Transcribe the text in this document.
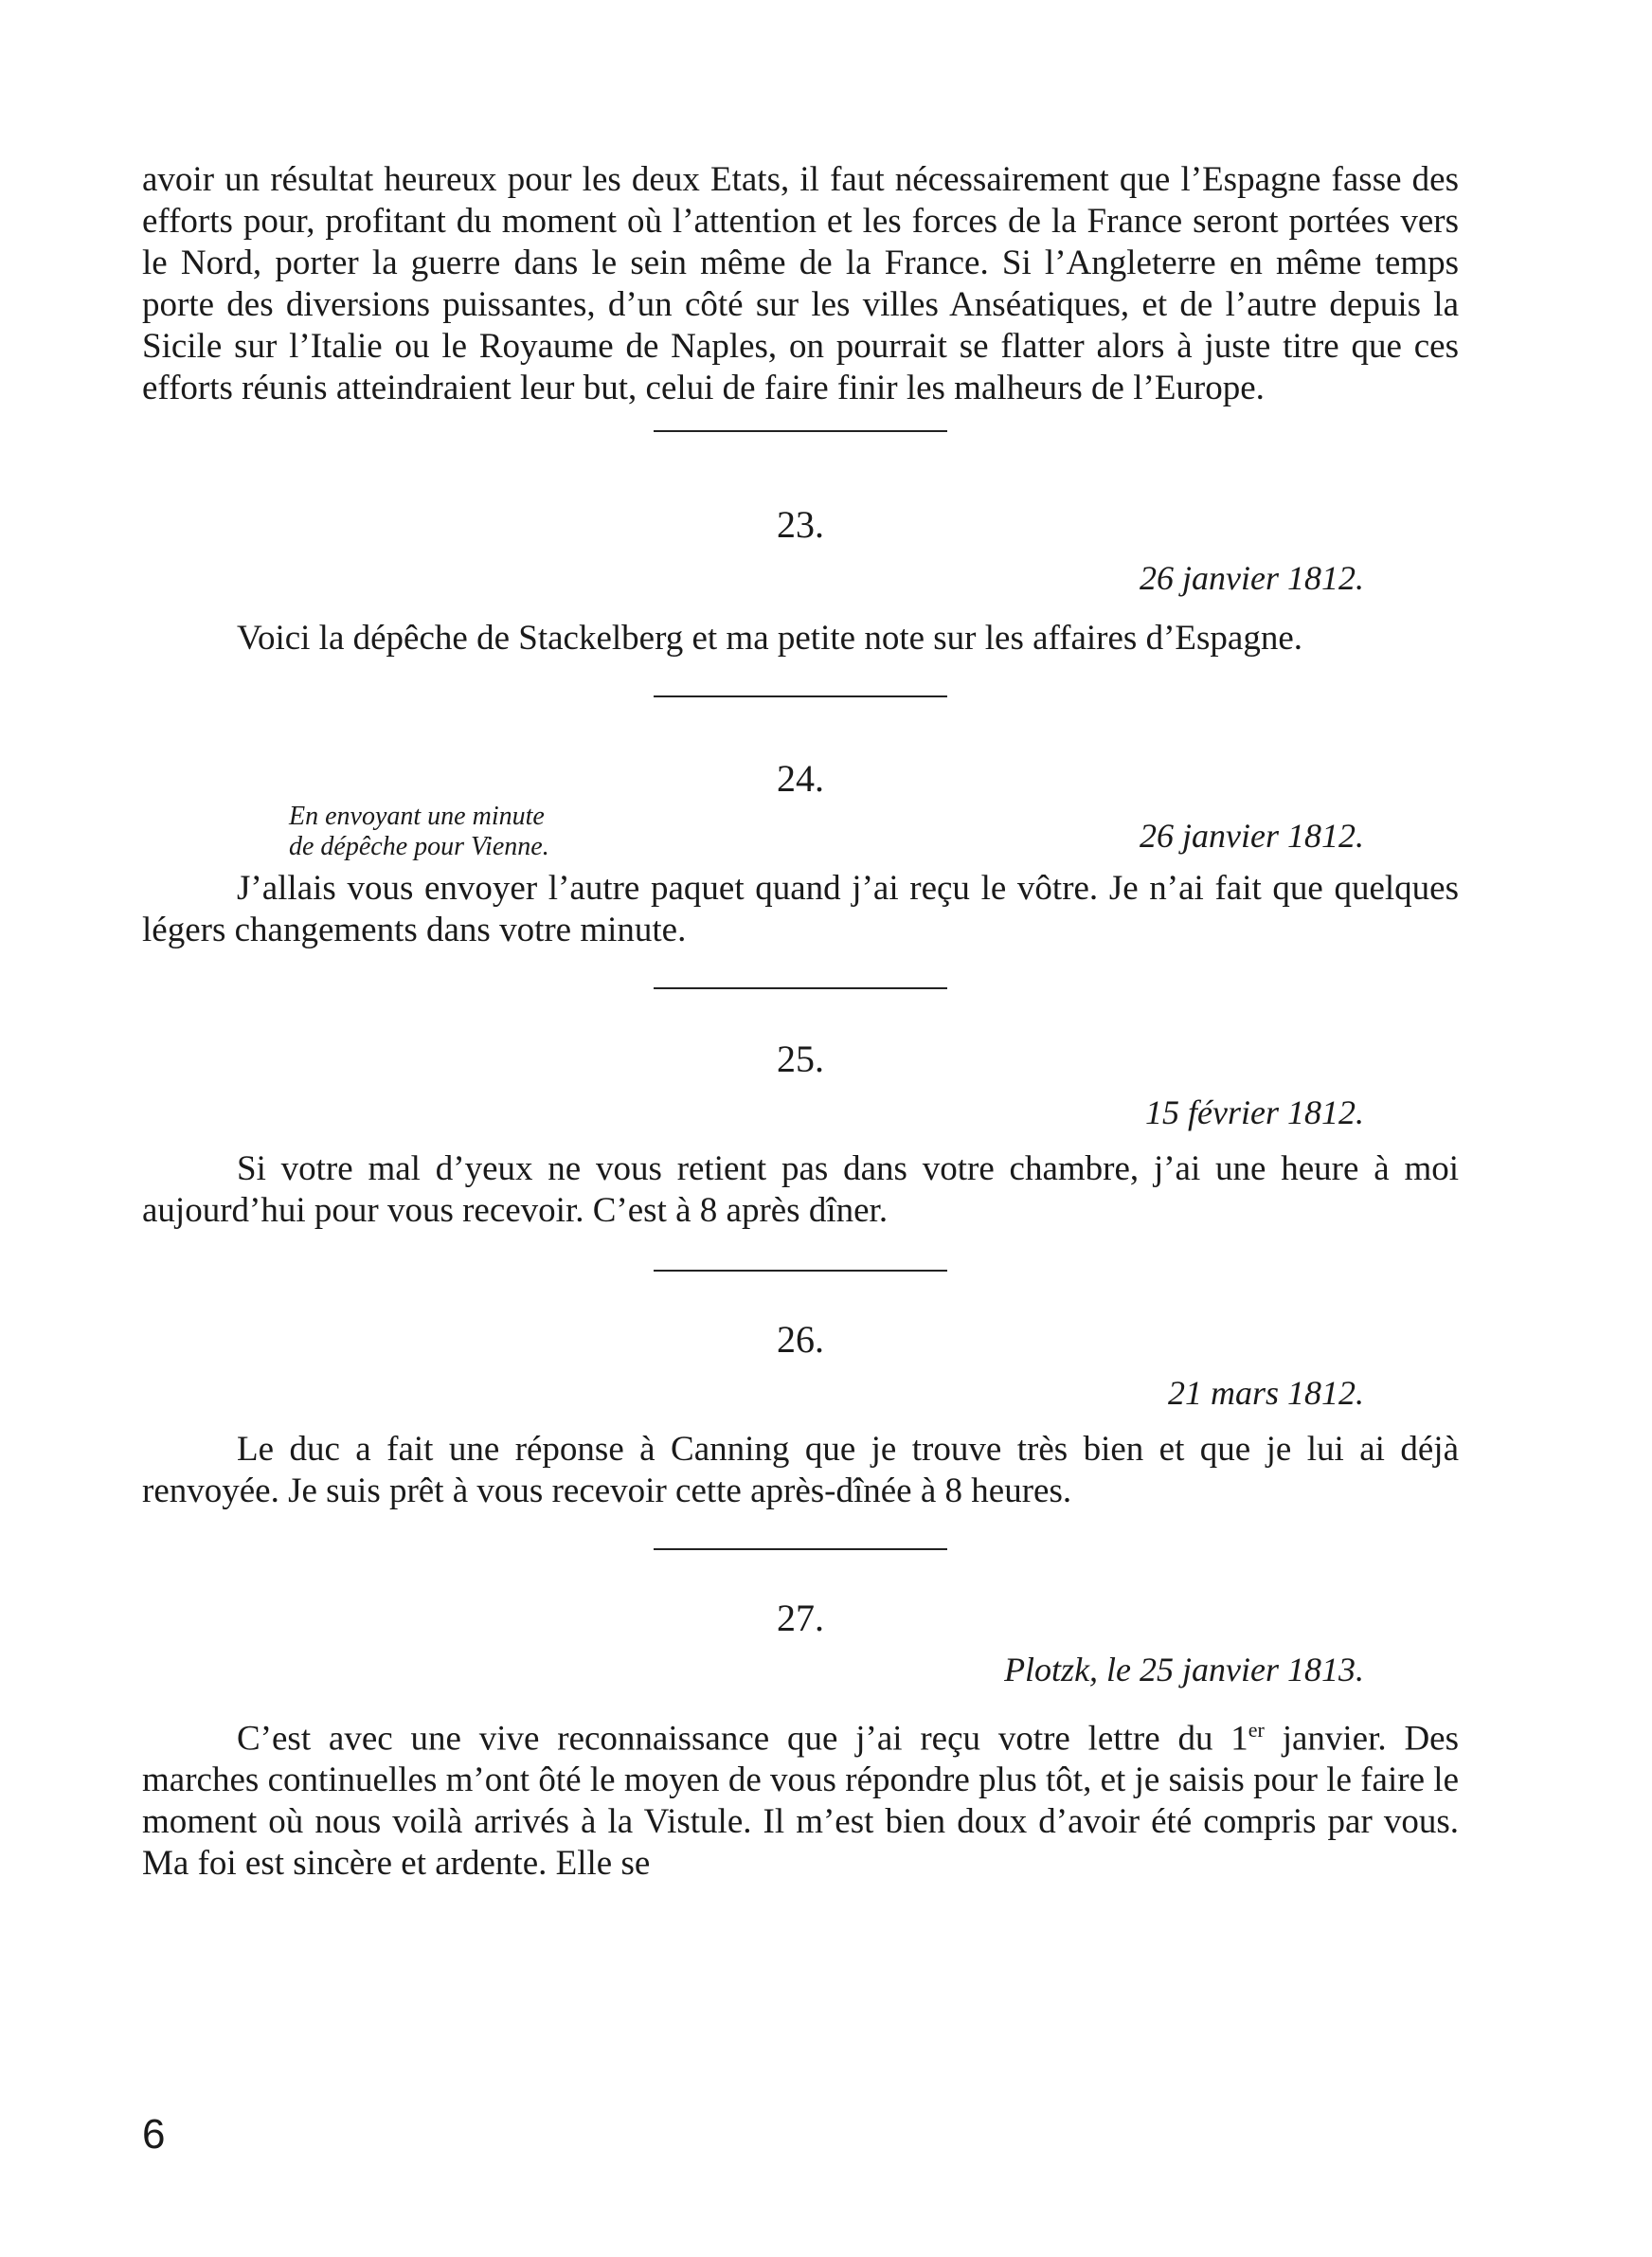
avoir un résultat heureux pour les deux Etats, il faut nécessairement que l’Espagne fasse des efforts pour, profitant du moment où l’attention et les forces de la France seront portées vers le Nord, porter la guerre dans le sein même de la France. Si l’Angleterre en même temps porte des diversions puissantes, d’un côté sur les villes Anséatiques, et de l’autre depuis la Sicile sur l’Italie ou le Royaume de Naples, on pourrait se flatter alors à juste titre que ces efforts réunis atteindraient leur but, celui de faire finir les malheurs de l’Europe.

23.

26 janvier 1812.

Voici la dépêche de Stackelberg et ma petite note sur les affaires d’Espagne.

24.

En envoyant une minute
de dépêche pour Vienne.	26 janvier 1812.

J’allais vous envoyer l’autre paquet quand j’ai reçu le vôtre. Je n’ai fait que quelques légers changements dans votre minute.

25.

15 février 1812.

Si votre mal d’yeux ne vous retient pas dans votre chambre, j’ai une heure à moi aujourd’hui pour vous recevoir. C’est à 8 après dîner.

26.

21 mars 1812.

Le duc a fait une réponse à Canning que je trouve très bien et que je lui ai déjà renvoyée. Je suis prêt à vous recevoir cette après-dînée à 8 heures.

27.

Plotzk, le 25 janvier 1813.

C’est avec une vive reconnaissance que j’ai reçu votre lettre du 1er janvier. Des marches continuelles m’ont ôté le moyen de vous répondre plus tôt, et je saisis pour le faire le moment où nous voilà arrivés à la Vistule. Il m’est bien doux d’avoir été compris par vous. Ma foi est sincère et ardente. Elle se

6
